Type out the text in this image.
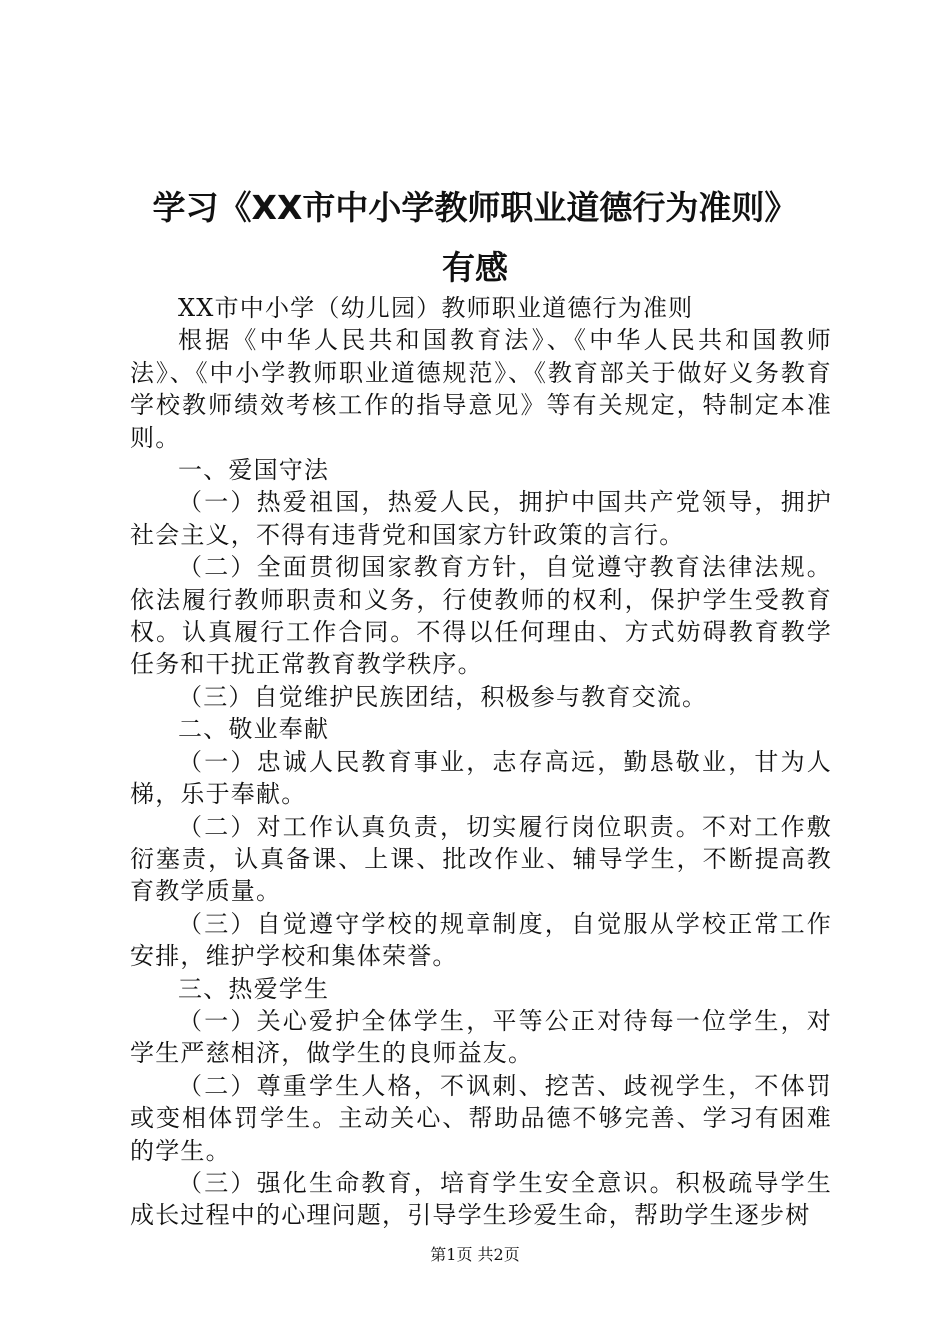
学习《XX市中小学教师职业道德行为准则》
有感

XX市中小学（幼儿园）教师职业道德行为准则

根据《中华人民共和国教育法》、《中华人民共和国教师法》、《中小学教师职业道德规范》、《教育部关于做好义务教育学校教师绩效考核工作的指导意见》等有关规定，特制定本准则。

一、爱国守法

（一）热爱祖国，热爱人民，拥护中国共产党领导，拥护社会主义，不得有违背党和国家方针政策的言行。

（二）全面贯彻国家教育方针，自觉遵守教育法律法规。依法履行教师职责和义务，行使教师的权利，保护学生受教育权。认真履行工作合同。不得以任何理由、方式妨碍教育教学任务和干扰正常教育教学秩序。

（三）自觉维护民族团结，积极参与教育交流。

二、敬业奉献

（一）忠诚人民教育事业，志存高远，勤恳敬业，甘为人梯，乐于奉献。

（二）对工作认真负责，切实履行岗位职责。不对工作敷衍塞责，认真备课、上课、批改作业、辅导学生，不断提高教育教学质量。

（三）自觉遵守学校的规章制度，自觉服从学校正常工作安排，维护学校和集体荣誉。

三、热爱学生

（一）关心爱护全体学生，平等公正对待每一位学生，对学生严慈相济，做学生的良师益友。

（二）尊重学生人格，不讽刺、挖苦、歧视学生，不体罚或变相体罚学生。主动关心、帮助品德不够完善、学习有困难的学生。

（三）强化生命教育，培育学生安全意识。积极疏导学生成长过程中的心理问题，引导学生珍爱生命，帮助学生逐步树

第1页 共2页
